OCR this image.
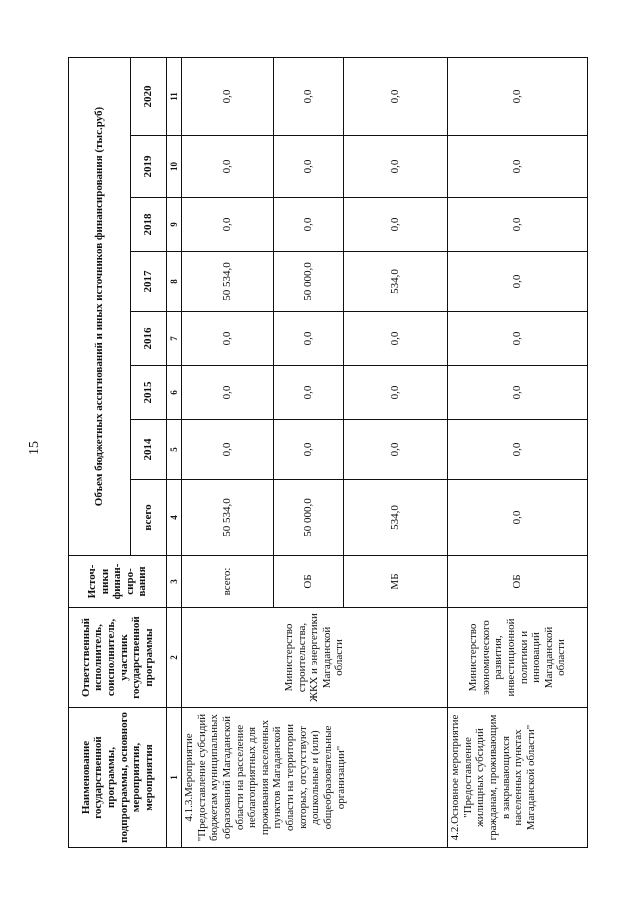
15
Наименование государственной программы, подпрограммы, основного мероприятия, мероприятия	Ответственный исполнитель, соисполнитель, участник государственной программы	Источ-ники финан-сиро-вания	Объем бюджетных ассигнований и иных источников финансирования (тыс.руб)							
			всего	2014	2015	2016	2017	2018	2019	2020
1	2	3	4	5	6	7	8	9	10	11
4.1.3.Мероприятие "Предоставление субсидий бюджетам муниципальных образований Магаданской области на расселение неблагоприятных для проживания населенных пунктов Магаданской области на территории которых, отсутствуют дошкольные и (или) общеобразовательные организации"	Министерство строительства, ЖКХ и энергетики Магаданской области	всего:	50 534,0	0,0	0,0	0,0	50 534,0	0,0	0,0	0,0
		ОБ	50 000,0	0,0	0,0	0,0	50 000,0	0,0	0,0	0,0
		МБ	534,0	0,0	0,0	0,0	534,0	0,0	0,0	0,0
4.2.Основное мероприятие "Предоставление жилищных субсидий гражданам, проживающим в закрывающихся населенных пунктах Магаданской области"	Министерство экономического развития, инвестиционной политики и инноваций Магаданской области	ОБ	0,0	0,0	0,0	0,0	0,0	0,0	0,0	0,0
